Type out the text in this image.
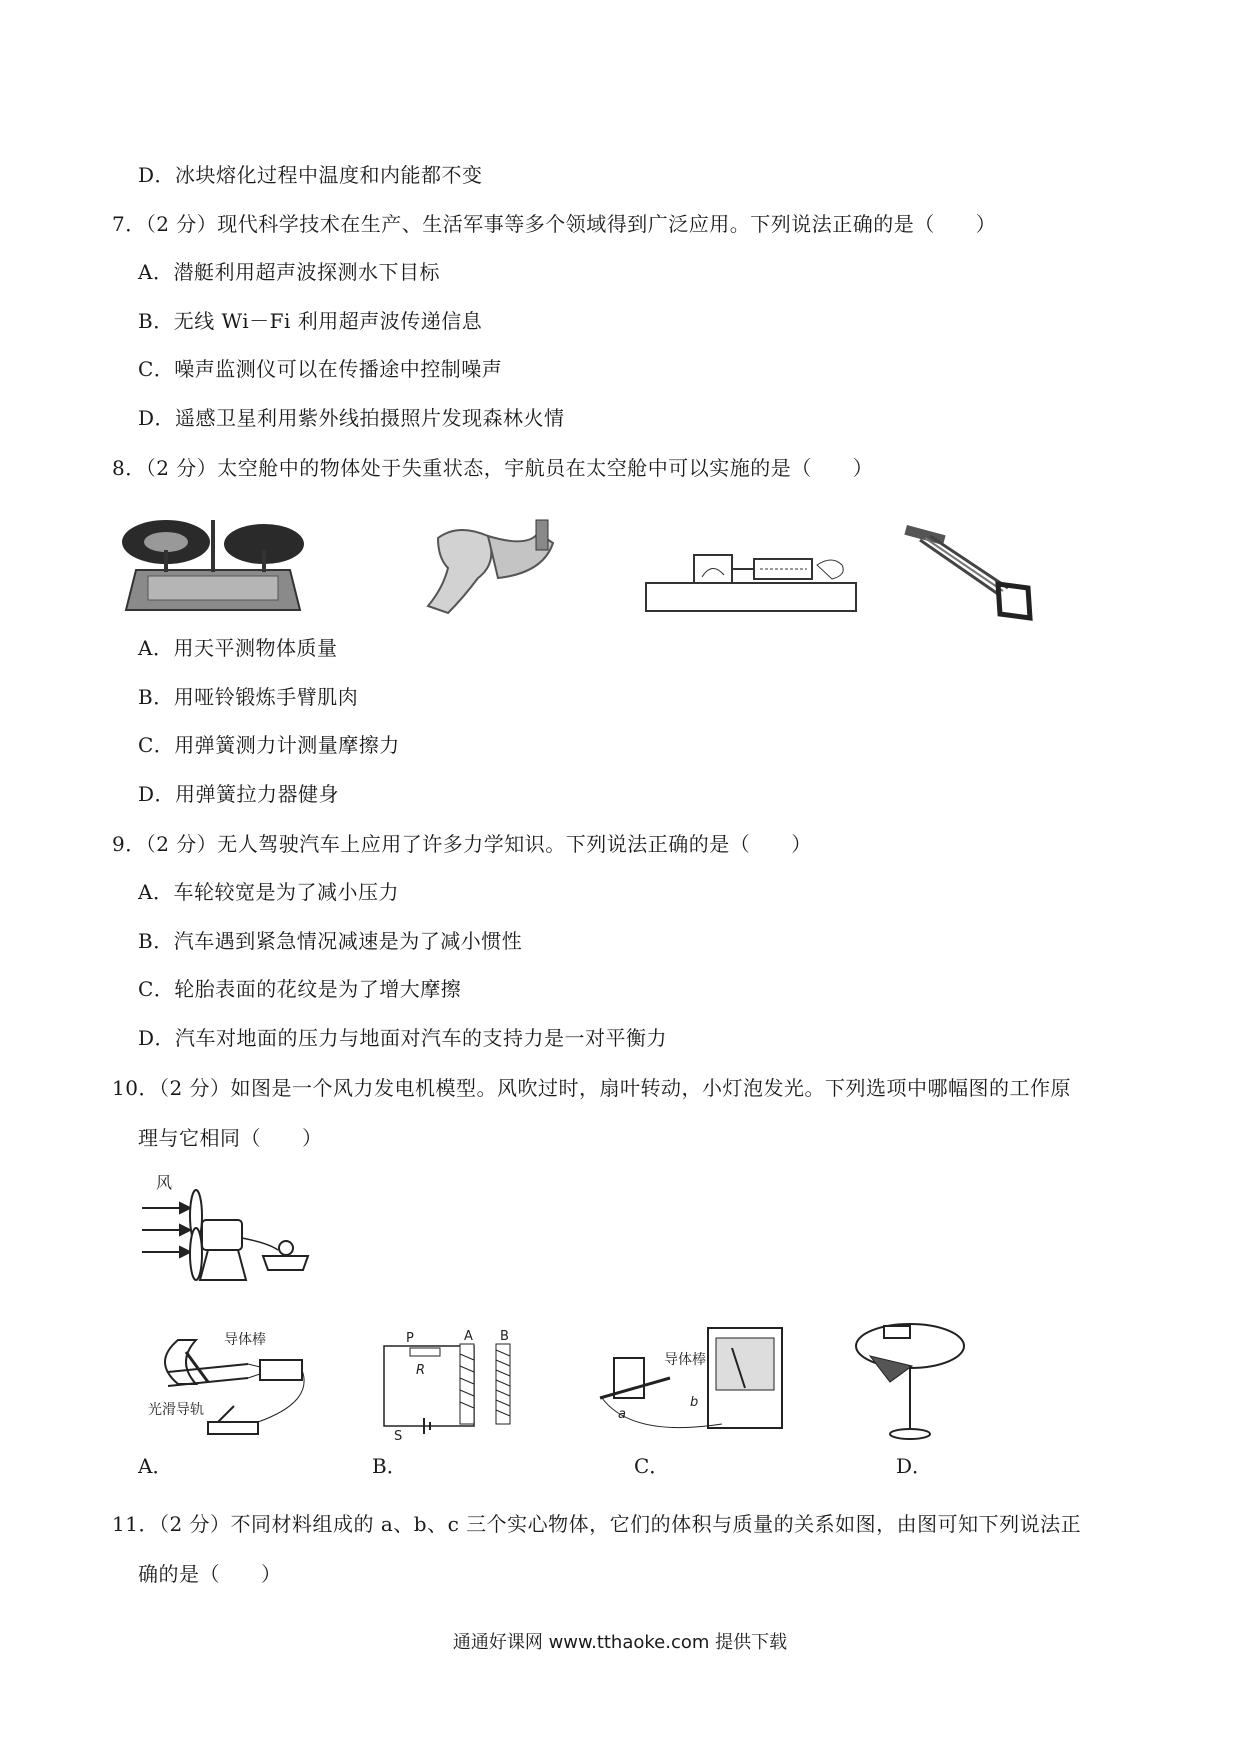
D．冰块熔化过程中温度和内能都不变
7．（2 分）现代科学技术在生产、生活军事等多个领域得到广泛应用。下列说法正确的是（　　）
A．潜艇利用超声波探测水下目标
B．无线 Wi－Fi 利用超声波传递信息
C．噪声监测仪可以在传播途中控制噪声
D．遥感卫星利用紫外线拍摄照片发现森林火情
8．（2 分）太空舱中的物体处于失重状态，宇航员在太空舱中可以实施的是（　　）
A．用天平测物体质量
B．用哑铃锻炼手臂肌肉
C．用弹簧测力计测量摩擦力
D．用弹簧拉力器健身
9．（2 分）无人驾驶汽车上应用了许多力学知识。下列说法正确的是（　　）
A．车轮较宽是为了减小压力
B．汽车遇到紧急情况减速是为了减小惯性
C．轮胎表面的花纹是为了增大摩擦
D．汽车对地面的压力与地面对汽车的支持力是一对平衡力
10．（2 分）如图是一个风力发电机模型。风吹过时，扇叶转动，小灯泡发光。下列选项中哪幅图的工作原
理与它相同（　　）
风
导体棒
光滑导轨
P
R
A B
S
导体棒
a
b
A．	B．	C．	D．
11．（2 分）不同材料组成的 a、b、c 三个实心物体，它们的体积与质量的关系如图，由图可知下列说法正
确的是（　　）
通通好课网 www.tthaoke.com 提供下载
